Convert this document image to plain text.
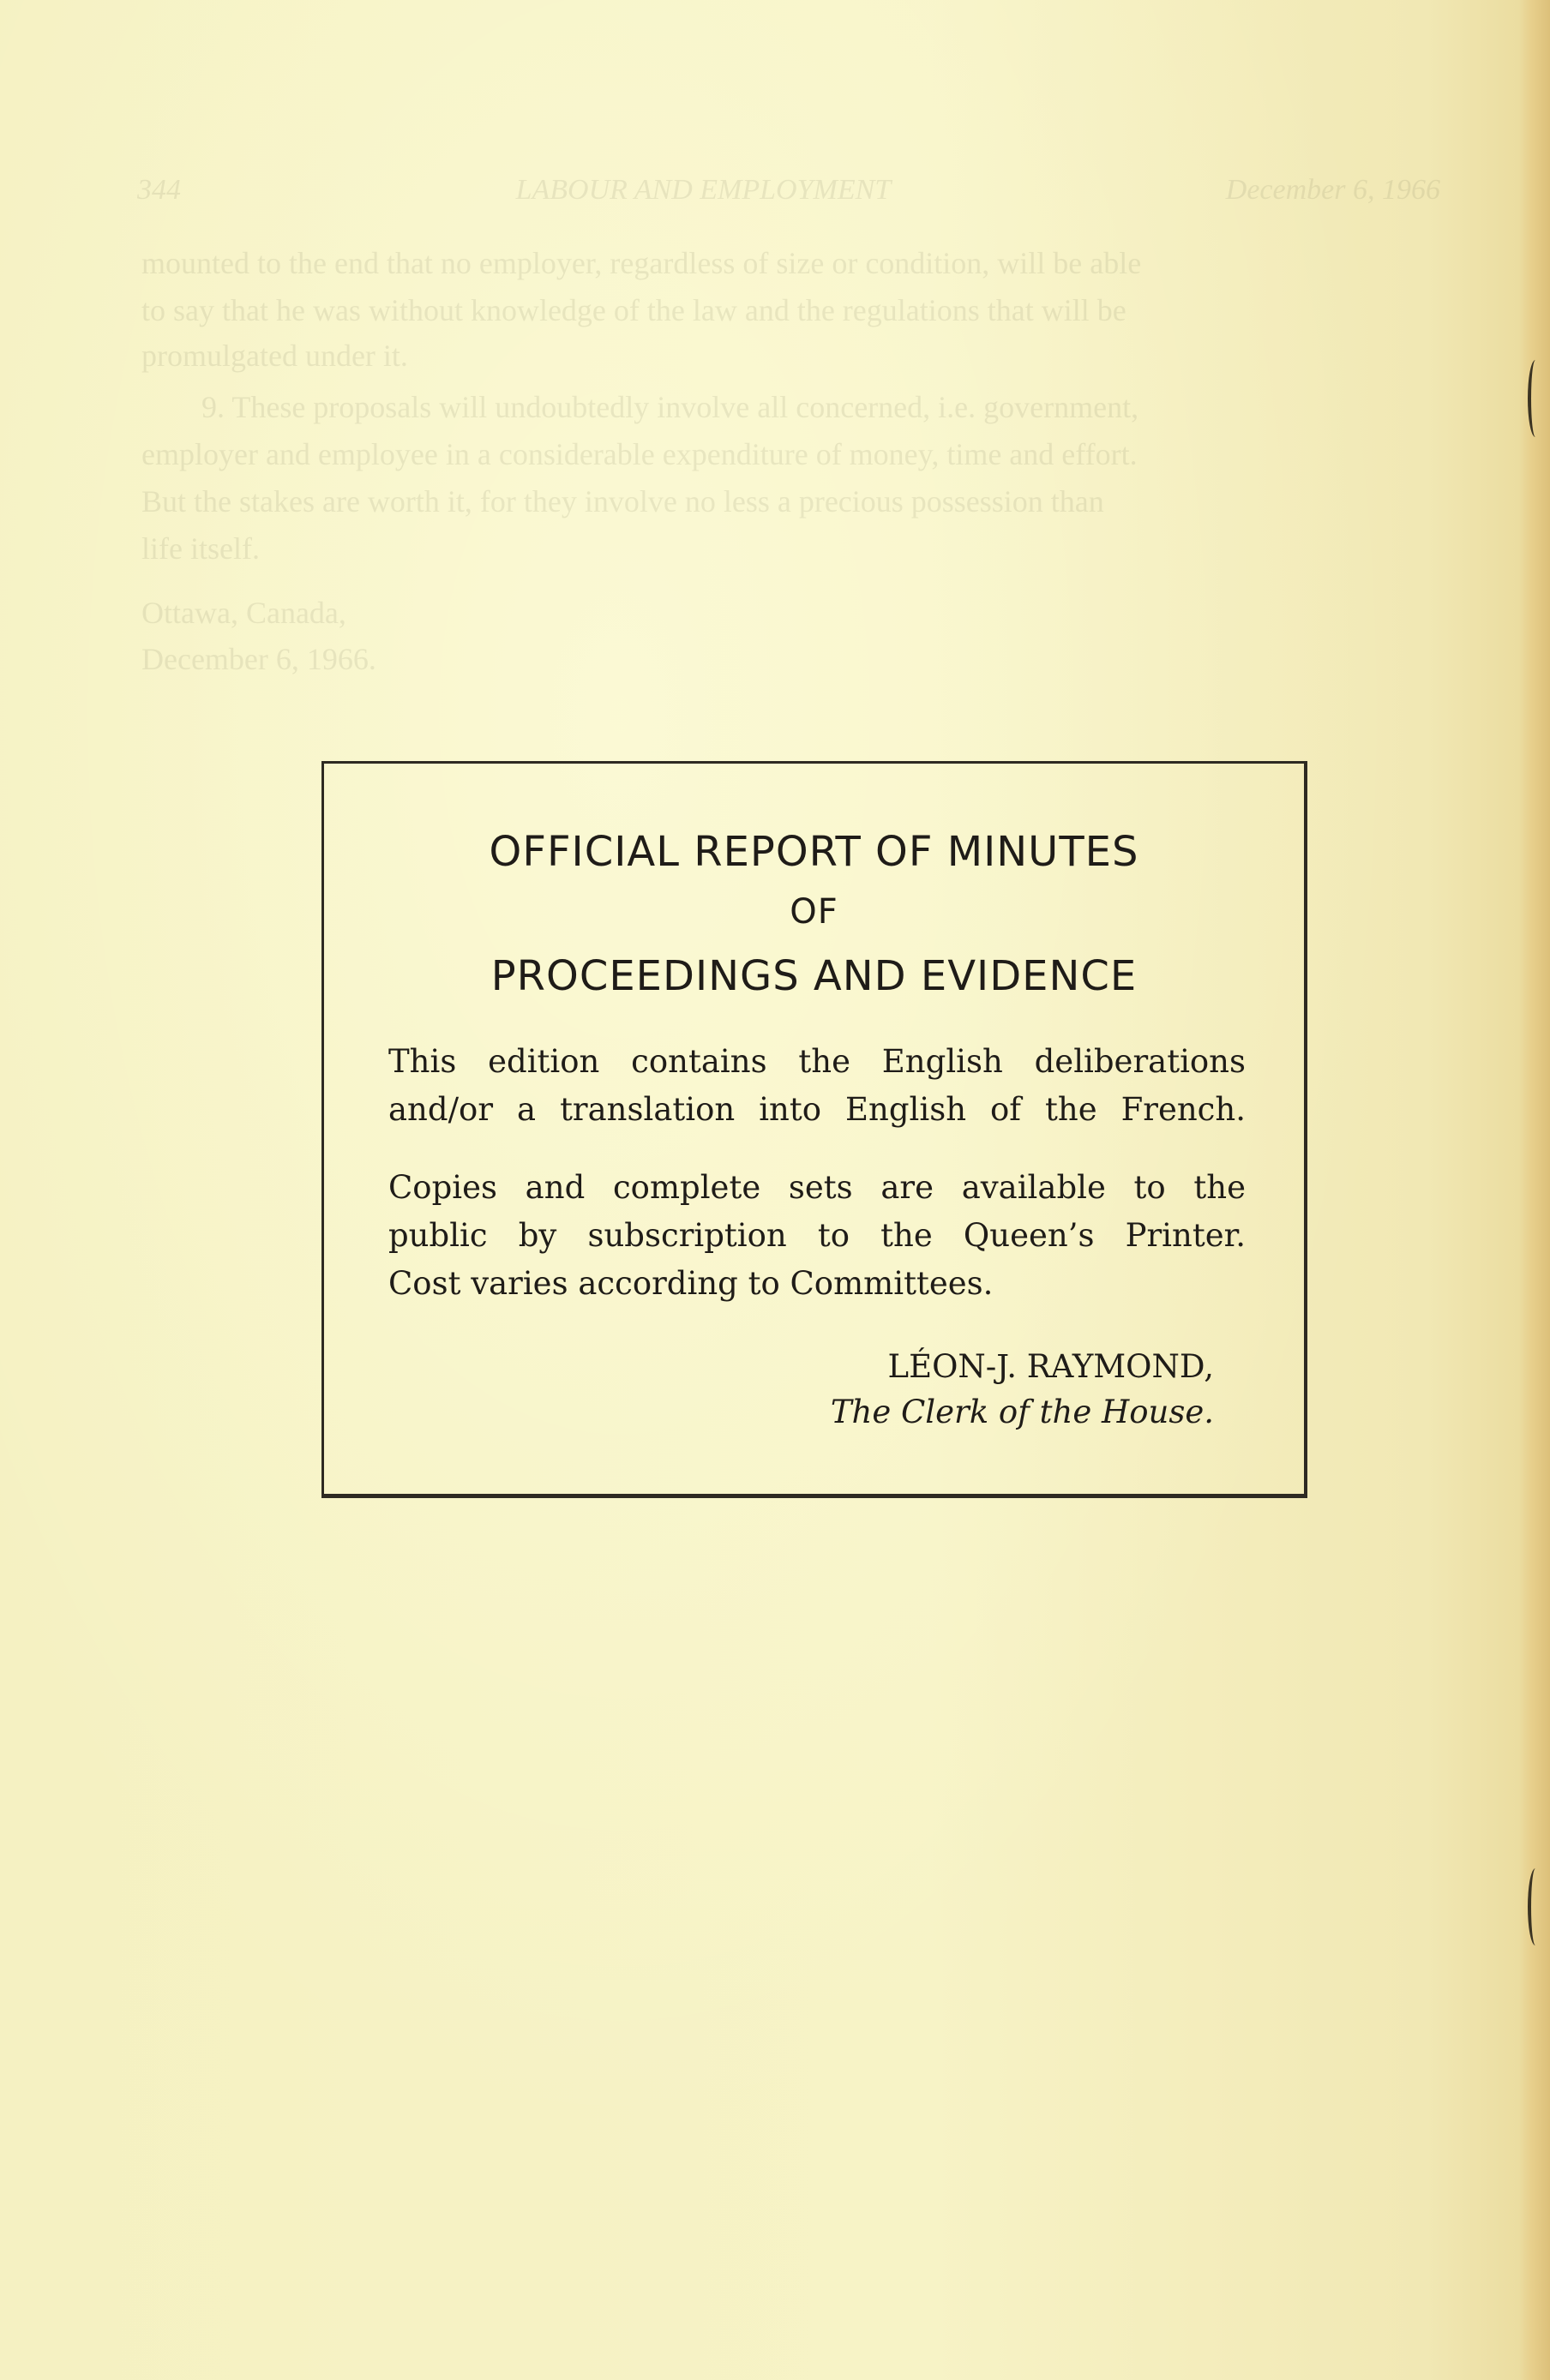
344	LABOUR AND EMPLOYMENT	December 6, 1966
mounted to the end that no employer, regardless of size or condition, will be able
to say that he was without knowledge of the law and the regulations that will be
promulgated under it.
9. These proposals will undoubtedly involve all concerned, i.e. government,
employer and employee in a considerable expenditure of money, time and effort.
But the stakes are worth it, for they involve no less a precious possession than
life itself.
Ottawa, Canada,
December 6, 1966.
OFFICIAL REPORT OF MINUTES
OF
PROCEEDINGS AND EVIDENCE
This edition contains the English deliberations
and/or a translation into English of the French.
Copies and complete sets are available to the
public by subscription to the Queen’s Printer.
Cost varies according to Committees.
LÉON-J. RAYMOND,
The Clerk of the House.
